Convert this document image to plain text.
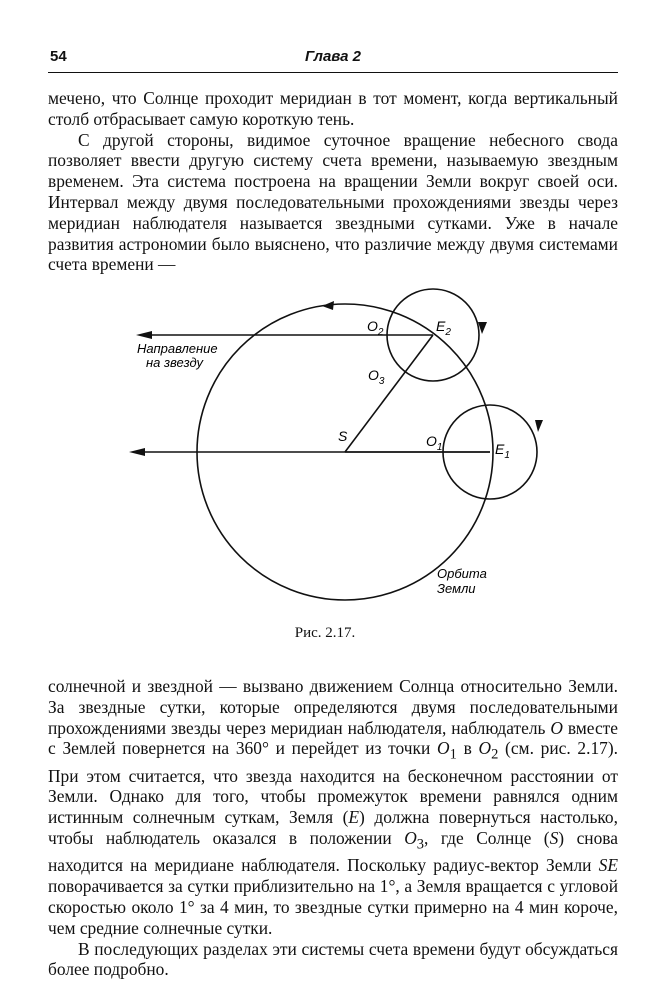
54	Глава 2

мечено, что Солнце проходит меридиан в тот момент, когда вертикальный столб отбрасывает самую короткую тень.

С другой стороны, видимое суточное вращение небесного свода позволяет ввести другую систему счета времени, называемую звездным временем. Эта система построена на вращении Земли вокруг своей оси. Интервал между двумя последовательными прохождениями звезды через меридиан наблюдателя называется звездными сутками. Уже в начале развития астрономии было выяснено, что различие между двумя системами счета времени —

Направление
на звезду
$O_2$	$E_2$
$O_3$
S	$O_1$	$E_1$
Орбита
Земли
Рис. 2.17.

солнечной и звездной — вызвано движением Солнца относительно Земли. За звездные сутки, которые определяются двумя последовательными прохождениями звезды через меридиан наблюдателя, наблюдатель O вместе с Землей повернется на 360° и перейдет из точки $O_1$ в $O_2$ (см. рис. 2.17). При этом считается, что звезда находится на бесконечном расстоянии от Земли. Однако для того, чтобы промежуток времени равнялся одним истинным солнечным суткам, Земля (E) должна повернуться настолько, чтобы наблюдатель оказался в положении $O_3$, где Солнце (S) снова находится на меридиане наблюдателя. Поскольку радиус-вектор Земли SE поворачивается за сутки приблизительно на 1°, а Земля вращается с угловой скоростью около 1° за 4 мин, то звездные сутки примерно на 4 мин короче, чем средние солнечные сутки.

В последующих разделах эти системы счета времени будут обсуждаться более подробно.
